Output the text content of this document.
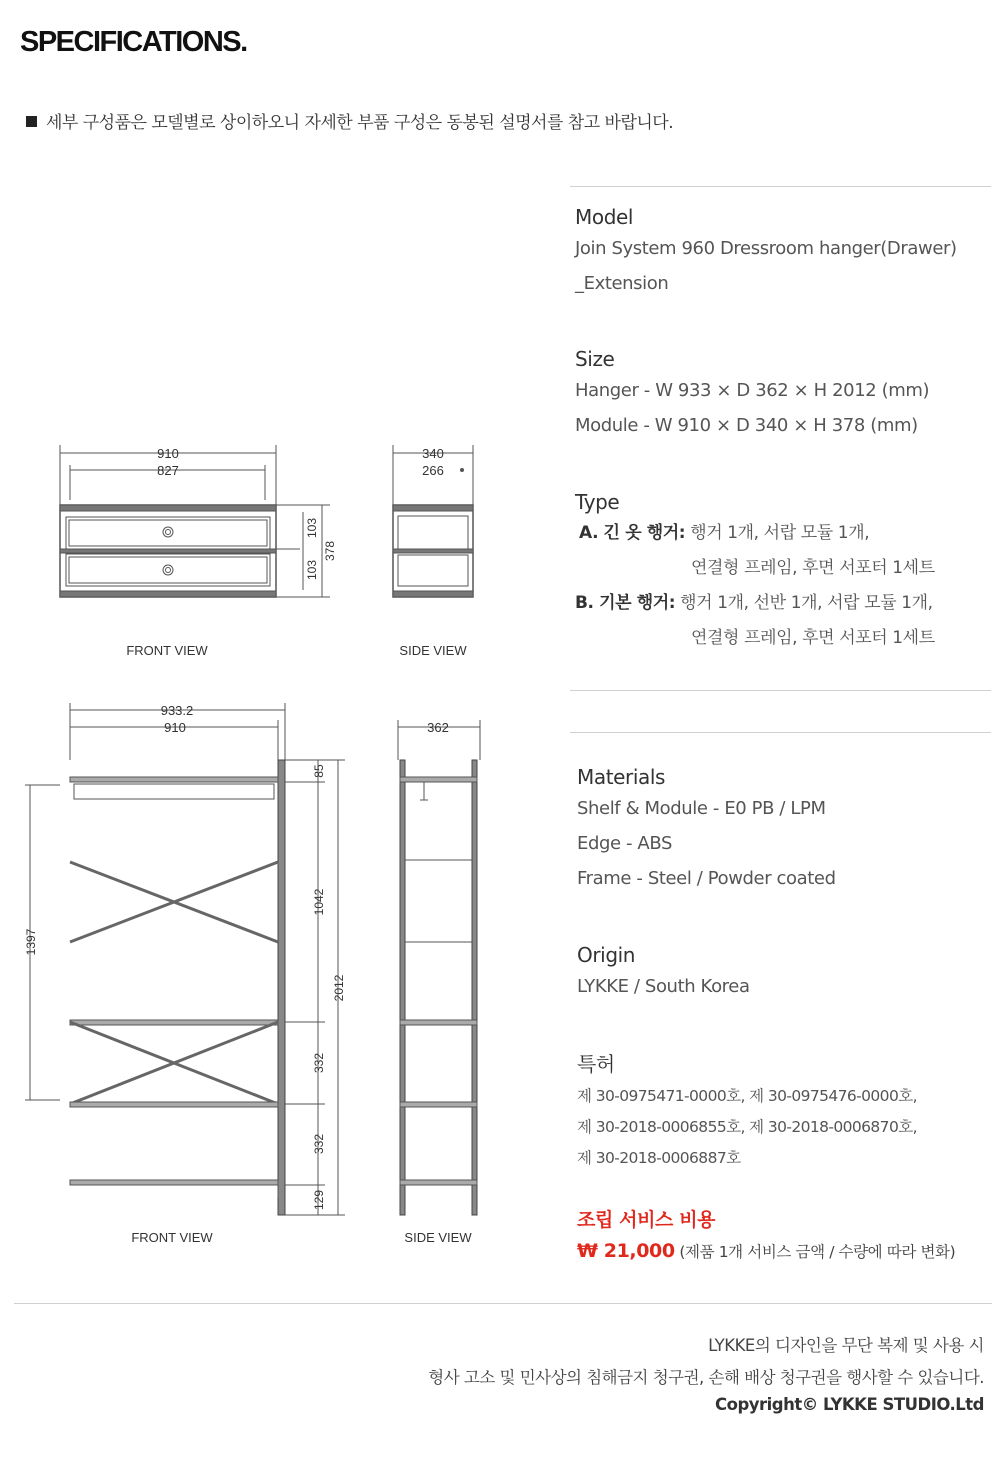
SPECIFICATIONS.
세부 구성품은 모델별로 상이하오니 자세한 부품 구성은 동봉된 설명서를 참고 바랍니다.
910
827
103
103
378
FRONT VIEW
340
266
SIDE VIEW
933.2
910
1397
85
1042
2012
332
332
129
FRONT VIEW
362
SIDE VIEW
Model
Join System 960 Dressroom hanger(Drawer)
_Extension
Size
Hanger - W 933 × D 362 × H 2012 (mm)
Module - W 910 × D 340 × H 378 (mm)
Type
A. 긴 옷 행거: 행거 1개, 서랍 모듈 1개,
연결형 프레임, 후면 서포터 1세트
B. 기본 행거: 행거 1개, 선반 1개, 서랍 모듈 1개,
연결형 프레임, 후면 서포터 1세트
Materials
Shelf & Module - E0 PB / LPM
Edge - ABS
Frame - Steel / Powder coated
Origin
LYKKE / South Korea
특허
제 30-0975471-0000호, 제 30-0975476-0000호,
제 30-2018-0006855호, 제 30-2018-0006870호,
제 30-2018-0006887호
조립 서비스 비용
₩ 21,000 (제품 1개 서비스 금액 / 수량에 따라 변화)
LYKKE의 디자인을 무단 복제 및 사용 시
형사 고소 및 민사상의 침해금지 청구권, 손해 배상 청구권을 행사할 수 있습니다.
Copyright© LYKKE STUDIO.Ltd
